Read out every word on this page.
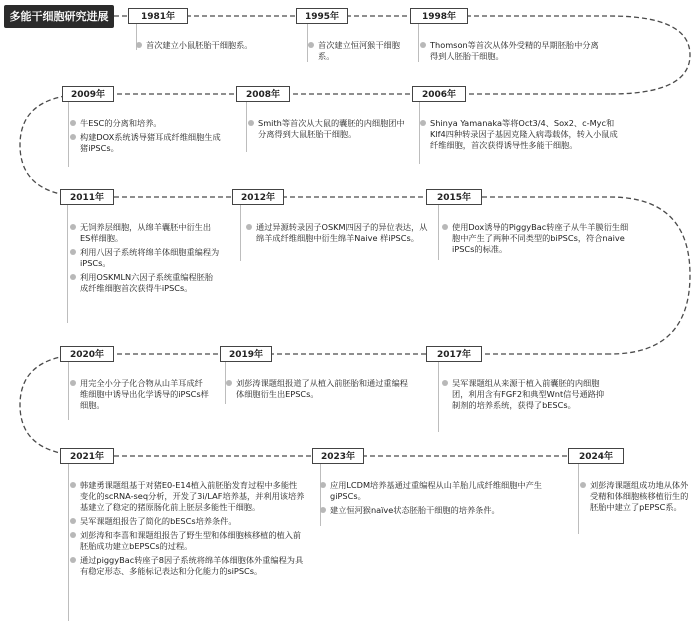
多能干细胞研究进展	1981年
首次建立小鼠胚胎干细胞系。
1995年
首次建立恒河猴干细胞系。
1998年
Thomson等首次从体外受精的早期胚胎中分离得到人胚胎干细胞。
2009年
牛ESC的分离和培养。
构建DOX系统诱导猪耳成纤维细胞生成猪iPSCs。
2008年
Smith等首次从大鼠的囊胚的内细胞团中分离得到大鼠胚胎干细胞。
2006年
Shinya Yamanaka等将Oct3/4、Sox2、c-Myc和Klf4四种转录因子基因克隆入病毒载体，转入小鼠成纤维细胞，首次获得诱导性多能干细胞。
2011年
无饲养层细胞，从绵羊囊胚中衍生出ES样细胞。
利用八因子系统将绵羊体细胞重编程为iPSCs。
利用OSKMLN六因子系统重编程胚胎成纤维细胞首次获得牛iPSCs。
2012年
通过异源转录因子OSKM四因子的异位表达，从绵羊成纤维细胞中衍生绵羊Naive 样iPSCs。
2015年
使用Dox诱导的PiggyBac转座子从牛羊膜衍生细胞中产生了两种不同类型的biPSCs，符合naive iPSCs的标准。
2020年
用完全小分子化合物从山羊耳成纤维细胞中诱导出化学诱导的iPSCs样细胞。
2019年
刘彭涛课题组报道了从植入前胚胎和通过重编程体细胞衍生出EPSCs。
2017年
吴军课题组从来源于植入前囊胚的内细胞团，利用含有FGF2和典型Wnt信号通路抑制剂的培养系统，获得了bESCs。
2021年
韩建勇课题组基于对猪E0-E14植入前胚胎发育过程中多能性变化的scRNA-seq分析，开发了3i/LAF培养基，并利用该培养基建立了稳定的猪原肠化前上胚层多能性干细胞。
吴军课题组报告了简化的bESCs培养条件。
刘彭涛和李喜和课题组报告了野生型和体细胞核移植的植入前胚胎成功建立bEPSCs的过程。
通过piggyBac转座子8因子系统将绵羊体细胞体外重编程为具有稳定形态、多能标记表达和分化能力的siPSCs。
2023年
应用LCDM培养基通过重编程从山羊胎儿成纤维细胞中产生giPSCs。
建立恒河猴naïve状态胚胎干细胞的培养条件。
2024年
刘彭涛课题组成功地从体外受精和体细胞核移植衍生的胚胎中建立了pEPSC系。
